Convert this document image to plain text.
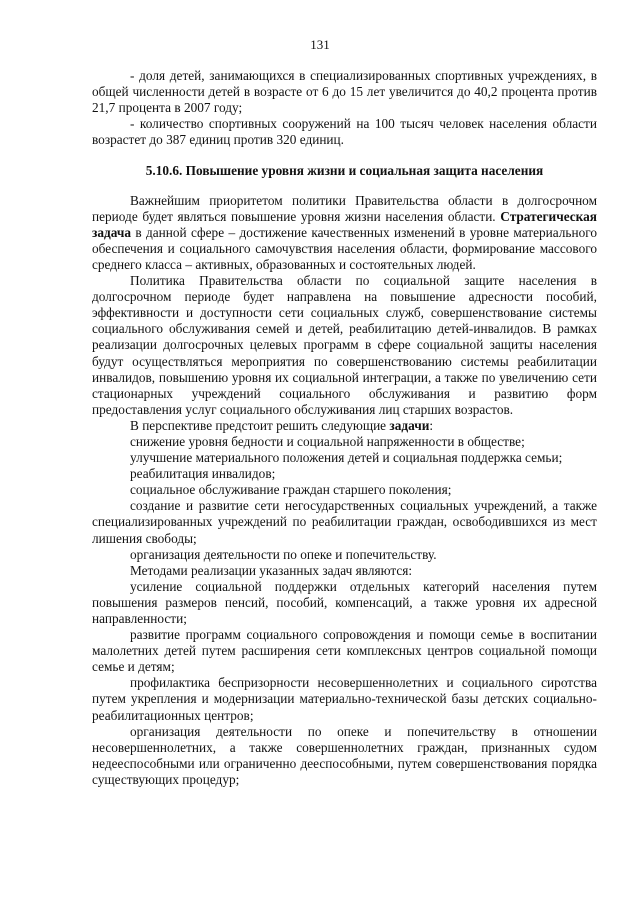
131

- доля детей, занимающихся в специализированных спортивных учреждениях, в общей численности детей в возрасте от 6 до 15 лет увеличится до 40,2 процента против 21,7 процента в 2007 году;

- количество спортивных сооружений на 100 тысяч человек населения области возрастет до 387 единиц против 320 единиц.

5.10.6. Повышение уровня жизни и социальная защита населения

Важнейшим приоритетом политики Правительства области в долгосрочном периоде будет являться повышение уровня жизни населения области. Стратегическая задача в данной сфере – достижение качественных изменений в уровне материального обеспечения и социального самочувствия населения области, формирование массового среднего класса – активных, образованных и состоятельных людей.

Политика Правительства области по социальной защите населения в долгосрочном периоде будет направлена на повышение адресности пособий, эффективности и доступности сети социальных служб, совершенствование системы социального обслуживания семей и детей, реабилитацию детей-инвалидов. В рамках реализации долгосрочных целевых программ в сфере социальной защиты населения будут осуществляться мероприятия по совершенствованию системы реабилитации инвалидов, повышению уровня их социальной интеграции, а также по увеличению сети стационарных учреждений социального обслуживания и развитию форм предоставления услуг социального обслуживания лиц старших возрастов.

В перспективе предстоит решить следующие задачи:

снижение уровня бедности и социальной напряженности в обществе;

улучшение материального положения детей и социальная поддержка семьи;

реабилитация инвалидов;

социальное обслуживание граждан старшего поколения;

создание и развитие сети негосударственных социальных учреждений, а также специализированных учреждений по реабилитации граждан, освободившихся из мест лишения свободы;

организация деятельности по опеке и попечительству.

Методами реализации указанных задач являются:

усиление социальной поддержки отдельных категорий населения путем повышения размеров пенсий, пособий, компенсаций, а также уровня их адресной направленности;

развитие программ социального сопровождения и помощи семье в воспитании малолетних детей путем расширения сети комплексных центров социальной помощи семье и детям;

профилактика беспризорности несовершеннолетних и социального сиротства путем укрепления и модернизации материально-технической базы детских социально-реабилитационных центров;

организация деятельности по опеке и попечительству в отношении несовершеннолетних, а также совершеннолетних граждан, признанных судом недееспособными или ограниченно дееспособными, путем совершенствования порядка существующих процедур;
